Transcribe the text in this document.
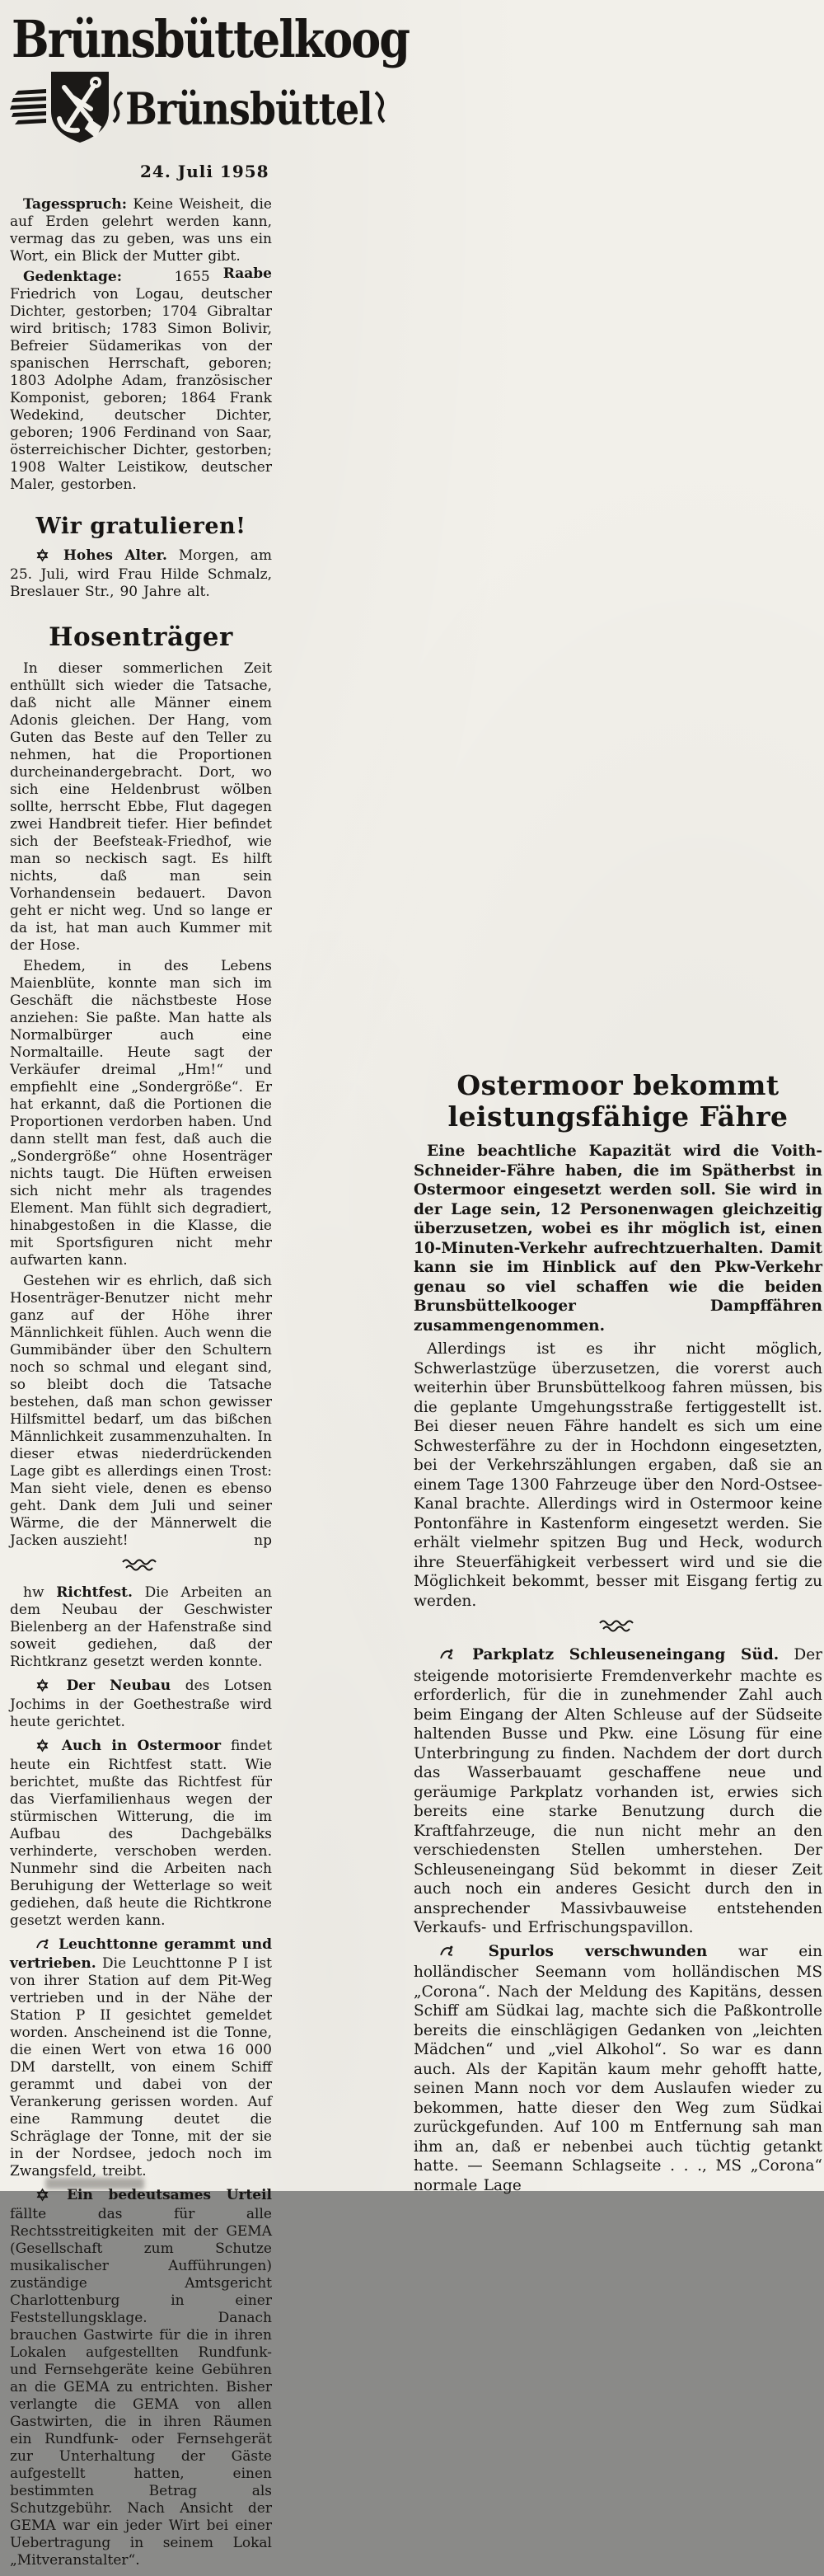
Brünsbüttelkoog
Brünsbüttel
24. Juli 1958

Tagesspruch: Keine Weisheit, die auf Erden gelehrt werden kann, vermag das zu geben, was uns ein Wort, ein Blick der Mutter gibt.
Raabe

Gedenktage:	1655 Friedrich von Logau, deutscher Dichter, gestorben; 1704 Gibraltar wird britisch; 1783 Simon Bolivir, Befreier Südamerikas von der spanischen Herrschaft, geboren; 1803 Adolphe Adam, französischer Komponist, geboren; 1864 Frank Wedekind, deutscher Dichter, geboren; 1906 Ferdinand von Saar, österreichischer Dichter, gestorben; 1908 Walter Leistikow, deutscher Maler, gestorben.

Wir gratulieren!

Hohes Alter. Morgen, am 25. Juli, wird Frau Hilde Schmalz, Breslauer Str., 90 Jahre alt.

Hosenträger

In dieser sommerlichen Zeit enthüllt sich wieder die Tatsache, daß nicht alle Männer einem Adonis gleichen. Der Hang, vom Guten das Beste auf den Teller zu nehmen, hat die Proportionen durcheinandergebracht. Dort, wo sich eine Heldenbrust wölben sollte, herrscht Ebbe, Flut dagegen zwei Handbreit tiefer. Hier befindet sich der Beefsteak-Friedhof, wie man so neckisch sagt. Es hilft nichts, daß man sein Vorhandensein bedauert. Davon geht er nicht weg. Und so lange er da ist, hat man auch Kummer mit der Hose.

Ehedem, in des Lebens Maienblüte, konnte man sich im Geschäft die nächstbeste Hose anziehen: Sie paßte. Man hatte als Normalbürger auch eine Normaltaille. Heute sagt der Verkäufer dreimal „Hm!“ und empfiehlt eine „Sondergröße“. Er hat erkannt, daß die Portionen die Proportionen verdorben haben. Und dann stellt man fest, daß auch die „Sondergröße“ ohne Hosenträger nichts taugt. Die Hüften erweisen sich nicht mehr als tragendes Element. Man fühlt sich degradiert, hinabgestoßen in die Klasse, die mit Sportsfiguren nicht mehr aufwarten kann.

Gestehen wir es ehrlich, daß sich Hosenträger-Benutzer nicht mehr ganz auf der Höhe ihrer Männlichkeit fühlen. Auch wenn die Gummibänder über den Schultern noch so schmal und elegant sind, so bleibt doch die Tatsache bestehen, daß man schon gewisser Hilfsmittel bedarf, um das bißchen Männlichkeit zusammenzuhalten. In dieser etwas niederdrückenden Lage gibt es allerdings einen Trost: Man sieht viele, denen es ebenso geht. Dank dem Juli und seiner Wärme, die der Männerwelt die Jacken auszieht!	np

hw Richtfest. Die Arbeiten an dem Neubau der Geschwister Bielenberg an der Hafenstraße sind soweit gediehen, daß der Richtkranz gesetzt werden konnte.

Der Neubau des Lotsen Jochims in der Goethestraße wird heute gerichtet.

Auch in Ostermoor findet heute ein Richtfest statt. Wie berichtet, mußte das Richtfest für das Vierfamilienhaus wegen der stürmischen Witterung, die im Aufbau des Dachgebälks verhinderte, verschoben werden. Nunmehr sind die Arbeiten nach Beruhigung der Wetterlage so weit gediehen, daß heute die Richtkrone gesetzt werden kann.

Leuchttonne gerammt und vertrieben. Die Leuchttonne P I ist von ihrer Station auf dem Pit-Weg vertrieben und in der Nähe der Station P II gesichtet gemeldet worden. Anscheinend ist die Tonne, die einen Wert von etwa 16 000 DM darstellt, von einem Schiff gerammt und dabei von der Verankerung gerissen worden. Auf eine Rammung deutet die Schräglage der Tonne, mit der sie in der Nordsee, jedoch noch im Zwangsfeld, treibt.

Ein bedeutsames Urteil fällte das für alle Rechtsstreitigkeiten mit der GEMA (Gesellschaft zum Schutze musikalischer Aufführungen) zuständige Amtsgericht Charlottenburg in einer Feststellungsklage. Danach brauchen Gastwirte für die in ihren Lokalen aufgestellten Rundfunk- und Fernsehgeräte keine Gebühren an die GEMA zu entrichten. Bisher verlangte die GEMA von allen Gastwirten, die in ihren Räumen ein Rundfunk- oder Fernsehgerät zur Unterhaltung der Gäste aufgestellt hatten, einen bestimmten Betrag als Schutzgebühr. Nach Ansicht der GEMA war ein jeder Wirt bei einer Uebertragung in seinem Lokal „Mitveranstalter“.

Ostermoor bekommt
leistungsfähige Fähre

Eine beachtliche Kapazität wird die Voith-Schneider-Fähre haben, die im Spätherbst in Ostermoor eingesetzt werden soll. Sie wird in der Lage sein, 12 Personenwagen gleichzeitig überzusetzen, wobei es ihr möglich ist, einen 10-Minuten-Verkehr aufrechtzuerhalten. Damit kann sie im Hinblick auf den Pkw-Verkehr genau so viel schaffen wie die beiden Brunsbüttelkooger Dampffähren zusammengenommen.

Allerdings ist es ihr nicht möglich, Schwerlastzüge überzusetzen, die vorerst auch weiterhin über Brunsbüttelkoog fahren müssen, bis die geplante Umgehungsstraße fertiggestellt ist. Bei dieser neuen Fähre handelt es sich um eine Schwesterfähre zu der in Hochdonn eingesetzten, bei der Verkehrszählungen ergaben, daß sie an einem Tage 1300 Fahrzeuge über den Nord-Ostsee-Kanal brachte. Allerdings wird in Ostermoor keine Pontonfähre in Kastenform eingesetzt werden. Sie erhält vielmehr spitzen Bug und Heck, wodurch ihre Steuerfähigkeit verbessert wird und sie die Möglichkeit bekommt, besser mit Eisgang fertig zu werden.

Parkplatz Schleuseneingang Süd. Der steigende motorisierte Fremdenverkehr machte es erforderlich, für die in zunehmender Zahl auch beim Eingang der Alten Schleuse auf der Südseite haltenden Busse und Pkw. eine Lösung für eine Unterbringung zu finden. Nachdem der dort durch das Wasserbauamt geschaffene neue und geräumige Parkplatz vorhanden ist, erwies sich bereits eine starke Benutzung durch die Kraftfahrzeuge, die nun nicht mehr an den verschiedensten Stellen umherstehen. Der Schleuseneingang Süd bekommt in dieser Zeit auch noch ein anderes Gesicht durch den in ansprechender Massivbauweise entstehenden Verkaufs- und Erfrischungspavillon.

Spurlos verschwunden war ein holländischer Seemann vom holländischen MS „Corona“. Nach der Meldung des Kapitäns, dessen Schiff am Südkai lag, machte sich die Paßkontrolle bereits die einschlägigen Gedanken von „leichten Mädchen“ und „viel Alkohol“. So war es dann auch. Als der Kapitän kaum mehr gehofft hatte, seinen Mann noch vor dem Auslaufen wieder zu bekommen, hatte dieser den Weg zum Südkai zurückgefunden. Auf 100 m Entfernung sah man ihm an, daß er nebenbei auch tüchtig getankt hatte. — Seemann Schlagseite . . ., MS „Corona“ normale Lage
